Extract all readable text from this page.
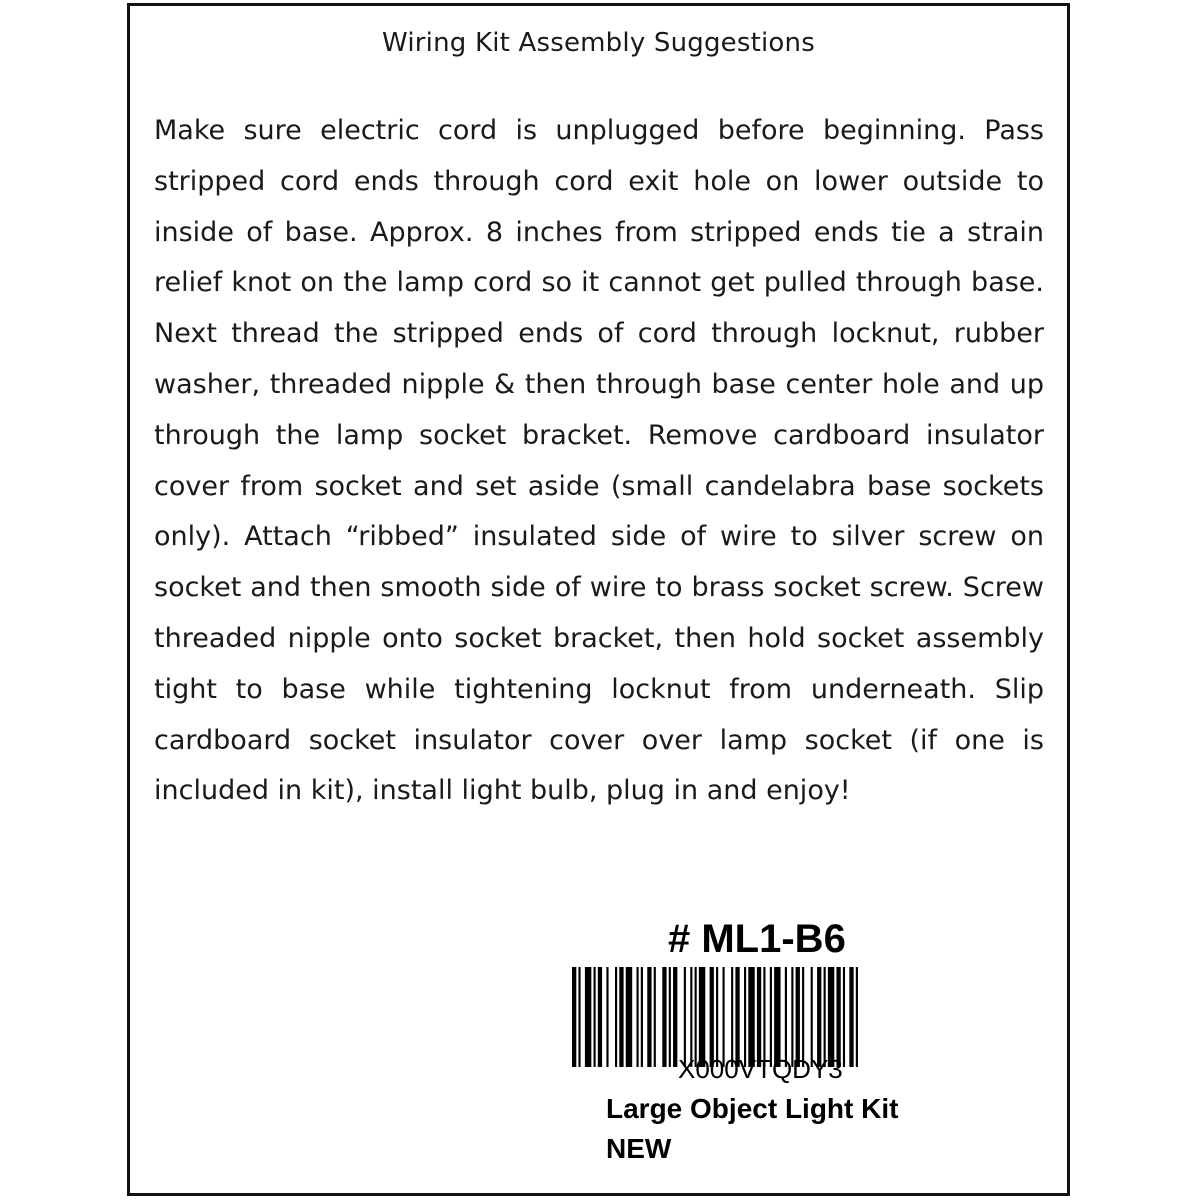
Wiring Kit Assembly Suggestions

Make sure electric cord is unplugged before beginning. Pass stripped cord ends through cord exit hole on lower outside to inside of base. Approx. 8 inches from stripped ends tie a strain relief knot on the lamp cord so it cannot get pulled through base. Next thread the stripped ends of cord through locknut, rubber washer, threaded nipple & then through base center hole and up through the lamp socket bracket. Remove cardboard insulator cover from socket and set aside (small candelabra base sockets only). Attach “ribbed” insulated side of wire to silver screw on socket and then smooth side of wire to brass socket screw. Screw threaded nipple onto socket bracket, then hold socket assembly tight to base while tightening locknut from underneath. Slip cardboard socket insulator cover over lamp socket (if one is included in kit), install light bulb, plug in and enjoy!

# ML1-B6
X000VTQDY3
Large Object Light Kit
NEW
